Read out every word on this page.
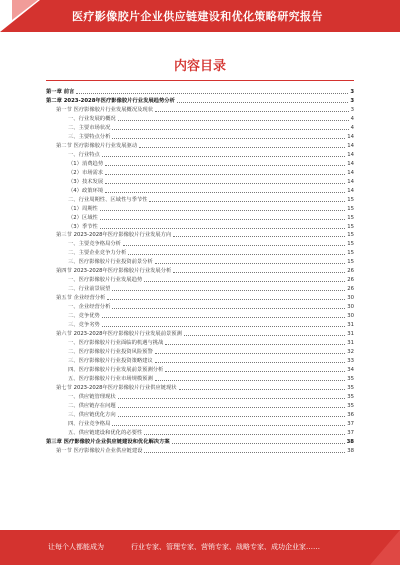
医疗影像胶片企业供应链建设和优化策略研究报告
内容目录
第一章 前言	3
第二章 2023-2028年医疗影像胶片行业发展趋势分析	3
第一节 医疗影像胶片行业发展概况及现状	3
一、行业发展的概况	4
二、主要市场状况	4
三、主要特点分析	14
第二节 医疗影像胶片行业发展驱动	14
一、行业特点	14
（1）消费趋势	14
（2）市场需求	14
（3）技术发展	14
（4）政策环境	14
二、行业周期性、区域性与季节性	15
（1）周期性	15
（2）区域性	15
（3）季节性	15
第三节 2023-2028年医疗影像胶片行业发展方向	15
一、主要竞争格局分析	15
二、主要企业竞争力分析	15
三、医疗影像胶片行业投资前景分析	15
第四节 2023-2028年医疗影像胶片行业发展分析	26
一、医疗影像胶片行业发展趋势	26
二、行业前景展望	26
第五节 企业经营分析	30
一、企业经营分析	30
二、竞争优势	30
三、竞争劣势	31
第六节 2023-2028年医疗影像胶片行业发展前景预测	31
一、医疗影像胶片行业面临的机遇与挑战	31
二、医疗影像胶片行业投资风险预警	32
三、医疗影像胶片行业投资策略建议	33
四、医疗影像胶片行业发展前景预测分析	34
五、医疗影像胶片行业市场规模预测	35
第七节 2023-2028年医疗影像胶片行业供应链现状	35
一、供应链管理现状	35
二、供应链存在问题	35
三、供应链优化方向	36
四、行业竞争格局	37
五、供应链建设和优化的必要性	37
第三章 医疗影像胶片企业供应链建设和优化解决方案	38
第一节 医疗影像胶片企业供应链建设	38
让每个人都能成为	行业专家、管理专家、营销专家、战略专家、成功企业家……
